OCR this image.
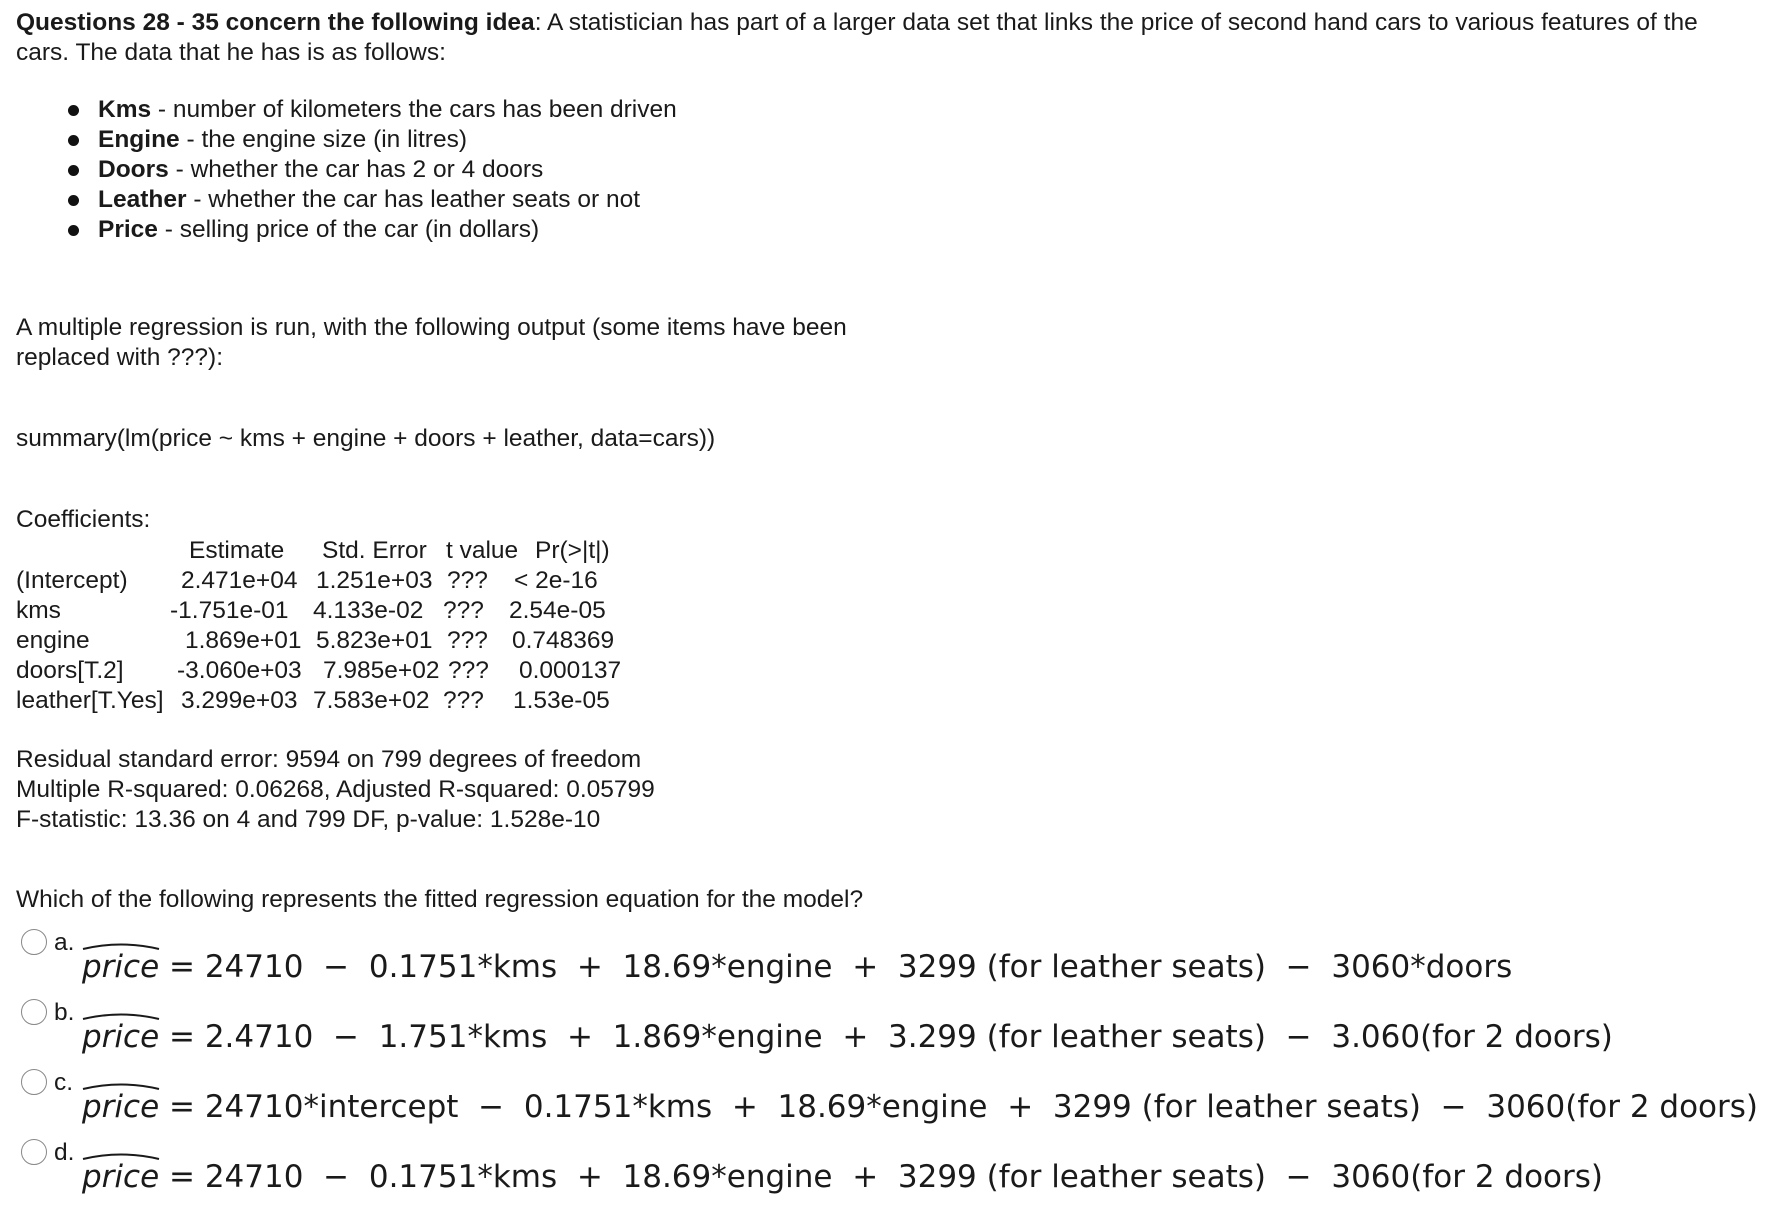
Questions 28 - 35 concern the following idea: A statistician has part of a larger data set that links the price of second hand cars to various features of the cars. The data that he has is as follows:
Kms - number of kilometers the cars has been driven
Engine - the engine size (in litres)
Doors - whether the car has 2 or 4 doors
Leather - whether the car has leather seats or not
Price - selling price of the car (in dollars)
A multiple regression is run, with the following output (some items have been replaced with ???):
summary(lm(price ~ kms + engine + doors + leather, data=cars))
Coefficients:
Estimate Std. Error t value Pr(>|t|)
(Intercept) 2.471e+04 1.251e+03 ??? < 2e-16
kms	-1.751e-01 4.133e-02 ??? 2.54e-05
engine	1.869e+01 5.823e+01 ??? 0.748369
doors[T.2] -3.060e+03 7.985e+02 ??? 0.000137
leather[T.Yes] 3.299e+03 7.583e+02 ??? 1.53e-05
Residual standard error: 9594 on 799 degrees of freedom
Multiple R-squared: 0.06268, Adjusted R-squared: 0.05799
F-statistic: 13.36 on 4 and 799 DF, p-value: 1.528e-10
Which of the following represents the fitted regression equation for the model?
a.
price = 24710  −  0.1751*kms  +  18.69*engine  +  3299 (for leather seats)  −  3060*doors
b.
price = 2.4710  −  1.751*kms  +  1.869*engine  +  3.299 (for leather seats)  −  3.060(for 2 doors)
c.
price = 24710*intercept  −  0.1751*kms  +  18.69*engine  +  3299 (for leather seats)  −  3060(for 2 doors)
d.
price = 24710  −  0.1751*kms  +  18.69*engine  +  3299 (for leather seats)  −  3060(for 2 doors)
